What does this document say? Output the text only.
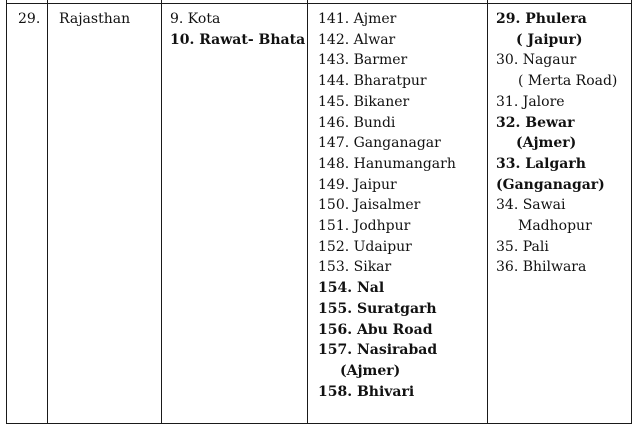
29. Rajasthan	9. Kota
10. Rawat- Bhata
141. Ajmer
142. Alwar
143. Barmer
144. Bharatpur
145. Bikaner
146. Bundi
147. Ganganagar
148. Hanumangarh
149. Jaipur
150. Jaisalmer
151. Jodhpur
152. Udaipur
153. Sikar
154. Nal
155. Suratgarh
156. Abu Road
157. Nasirabad
(Ajmer)
158. Bhivari
29. Phulera
( Jaipur)
30. Nagaur
( Merta Road)
31. Jalore
32. Bewar
(Ajmer)
33. Lalgarh
(Ganganagar)
34. Sawai
Madhopur
35. Pali
36. Bhilwara
